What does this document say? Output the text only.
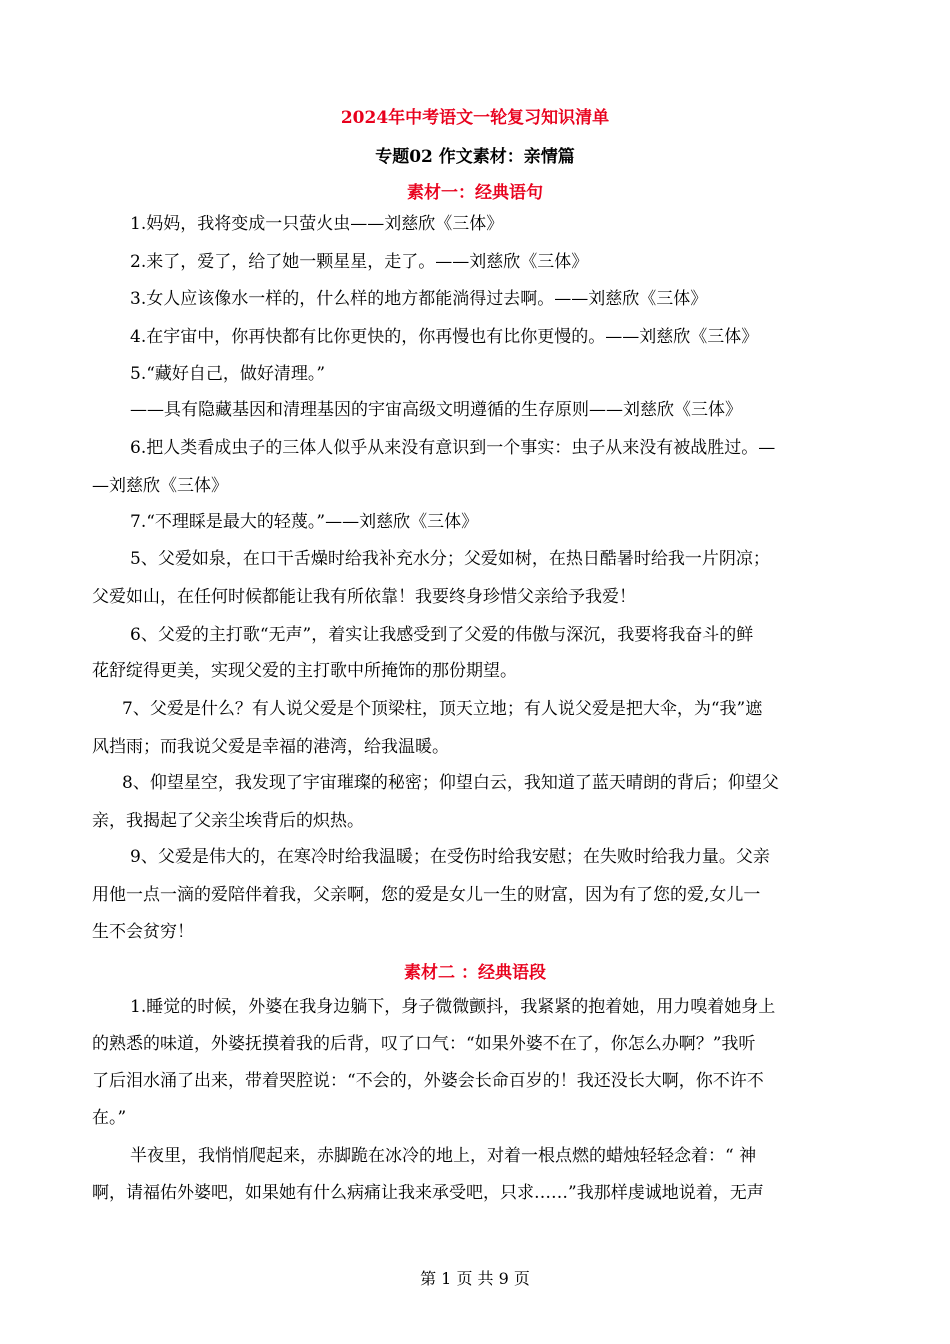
2024年中考语文一轮复习知识清单
专题02 作文素材：亲情篇
素材一：经典语句
1.妈妈，我将变成一只萤火虫——刘慈欣《三体》
2.来了，爱了，给了她一颗星星，走了。——刘慈欣《三体》
3.女人应该像水一样的，什么样的地方都能淌得过去啊。——刘慈欣《三体》
4.在宇宙中，你再快都有比你更快的，你再慢也有比你更慢的。——刘慈欣《三体》
5.“藏好自己，做好清理。”
——具有隐藏基因和清理基因的宇宙高级文明遵循的生存原则——刘慈欣《三体》
6.把人类看成虫子的三体人似乎从来没有意识到一个事实：虫子从来没有被战胜过。—
—刘慈欣《三体》
7.“不理睬是最大的轻蔑。”——刘慈欣《三体》
5、父爱如泉，在口干舌燥时给我补充水分；父爱如树，在热日酷暑时给我一片阴凉；
父爱如山，在任何时候都能让我有所依靠！我要终身珍惜父亲给予我爱！
6、父爱的主打歌“无声”，着实让我感受到了父爱的伟傲与深沉，我要将我奋斗的鲜
花舒绽得更美，实现父爱的主打歌中所掩饰的那份期望。
7、父爱是什么？有人说父爱是个顶梁柱，顶天立地；有人说父爱是把大伞，为“我”遮
风挡雨；而我说父爱是幸福的港湾，给我温暖。
8、仰望星空，我发现了宇宙璀璨的秘密；仰望白云，我知道了蓝天晴朗的背后；仰望父
亲，我揭起了父亲尘埃背后的炽热。
9、父爱是伟大的，在寒冷时给我温暖；在受伤时给我安慰；在失败时给我力量。父亲
用他一点一滴的爱陪伴着我，父亲啊，您的爱是女儿一生的财富，因为有了您的爱,女儿一
生不会贫穷！
素材二 ：经典语段
1.睡觉的时候，外婆在我身边躺下，身子微微颤抖，我紧紧的抱着她，用力嗅着她身上
的熟悉的味道，外婆抚摸着我的后背，叹了口气：“如果外婆不在了，你怎么办啊？”我听
了后泪水涌了出来，带着哭腔说：“不会的，外婆会长命百岁的！我还没长大啊，你不许不
在。”
半夜里，我悄悄爬起来，赤脚跪在冰冷的地上，对着一根点燃的蜡烛轻轻念着：“ 神
啊，请福佑外婆吧，如果她有什么病痛让我来承受吧，只求……”我那样虔诚地说着，无声
第 1 页 共 9 页
